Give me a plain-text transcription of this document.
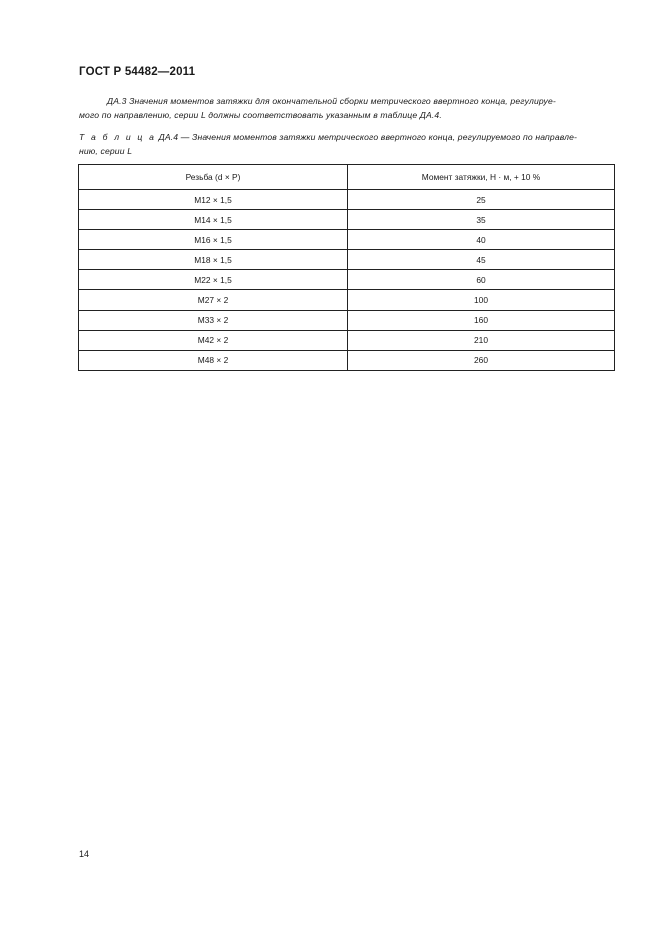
ГОСТ Р 54482—2011
ДА.3 Значения моментов затяжки для окончательной сборки метрического ввертного конца, регулируе-
мого по направлению, серии L должны соответствовать указанным в таблице ДА.4.
Т а б л и ц а ДА.4 — Значения моментов затяжки метрического ввертного конца, регулируемого по направле-
нию, серии L
Резьба (d × P)	Момент затяжки, Н · м, + 10 %
M12 × 1,5	25
M14 × 1,5	35
M16 × 1,5	40
M18 × 1,5	45
M22 × 1,5	60
M27 × 2	100
M33 × 2	160
M42 × 2	210
M48 × 2	260
14
